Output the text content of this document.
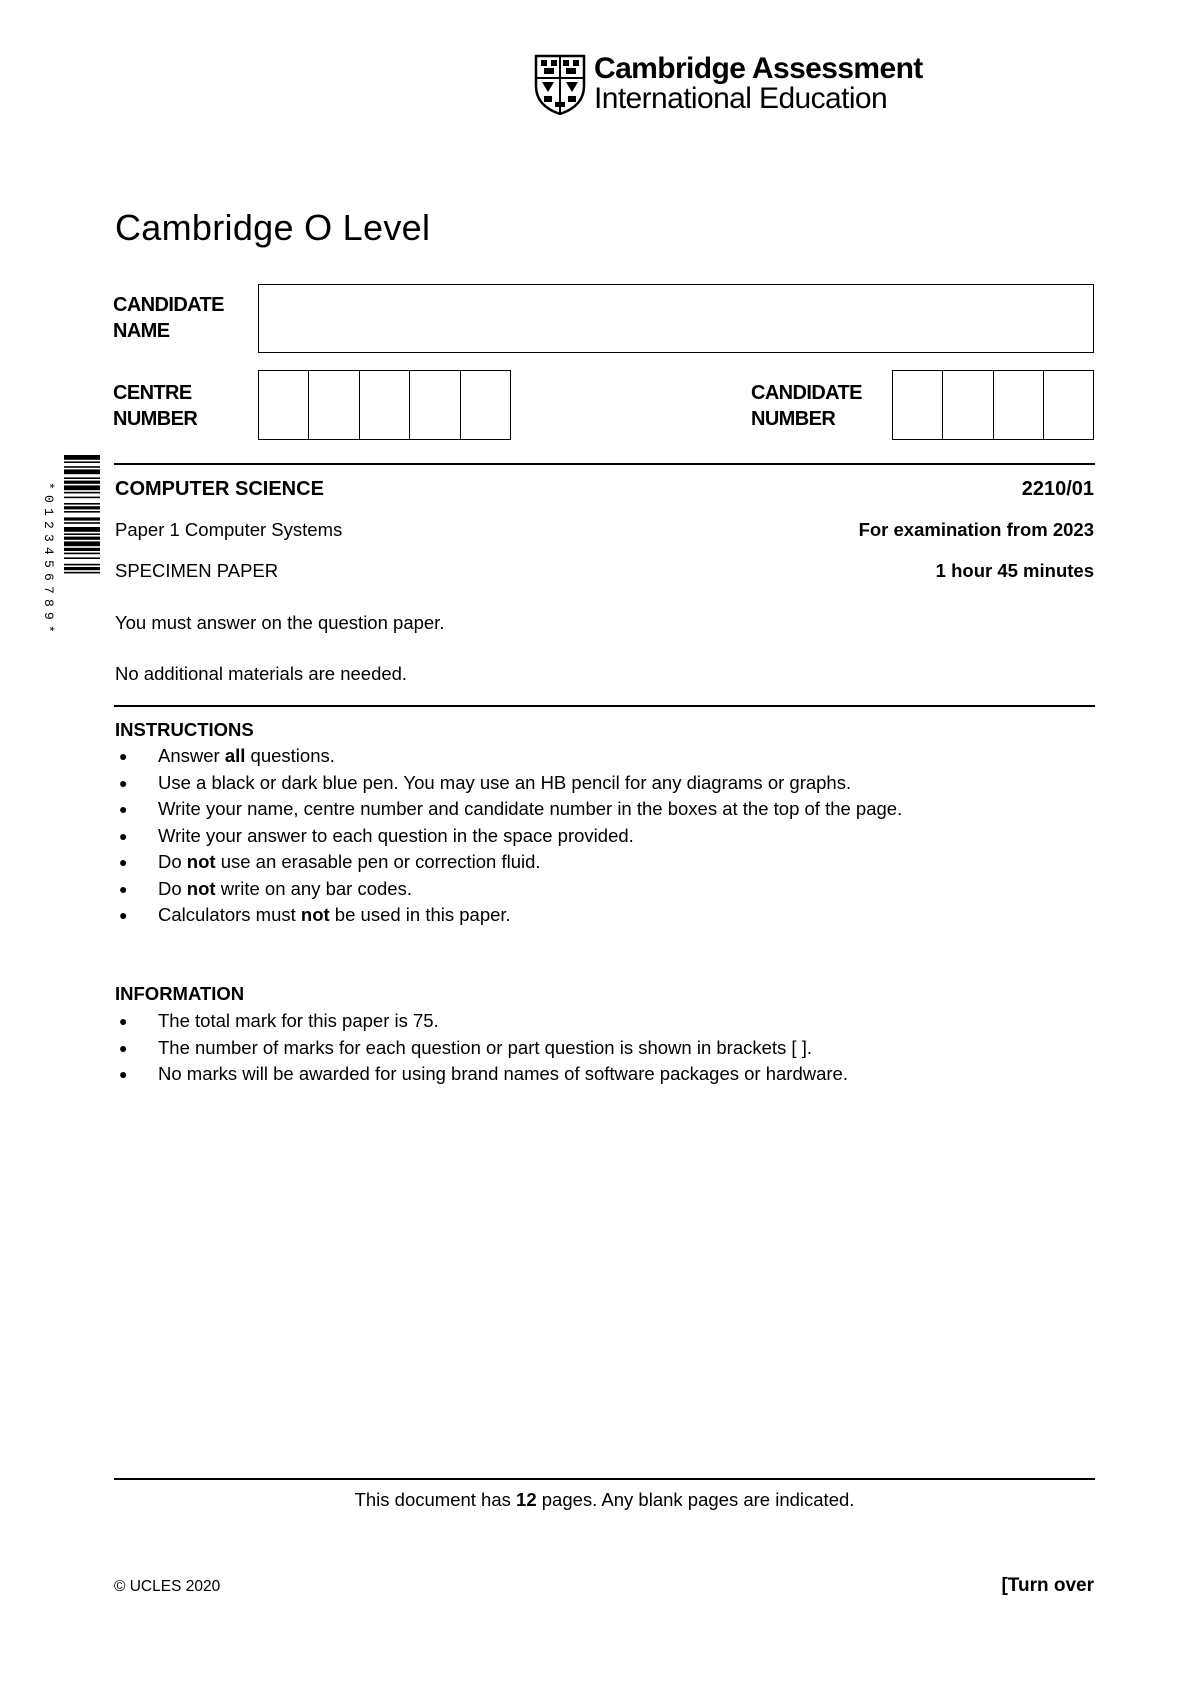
Cambridge Assessment
International Education
Cambridge O Level
CANDIDATE
NAME
CENTRE
NUMBER
CANDIDATE
NUMBER
*0123456789*	COMPUTER SCIENCE	2210/01
Paper 1 Computer Systems	For examination from 2023
SPECIMEN PAPER	1 hour 45 minutes
You must answer on the question paper.
No additional materials are needed.
INSTRUCTIONS
● Answer all questions.
● Use a black or dark blue pen. You may use an HB pencil for any diagrams or graphs.
● Write your name, centre number and candidate number in the boxes at the top of the page.
● Write your answer to each question in the space provided.
● Do not use an erasable pen or correction fluid.
● Do not write on any bar codes.
● Calculators must not be used in this paper.
INFORMATION
● The total mark for this paper is 75.
● The number of marks for each question or part question is shown in brackets [ ].
● No marks will be awarded for using brand names of software packages or hardware.
This document has 12 pages. Any blank pages are indicated.
© UCLES 2020	[Turn over
